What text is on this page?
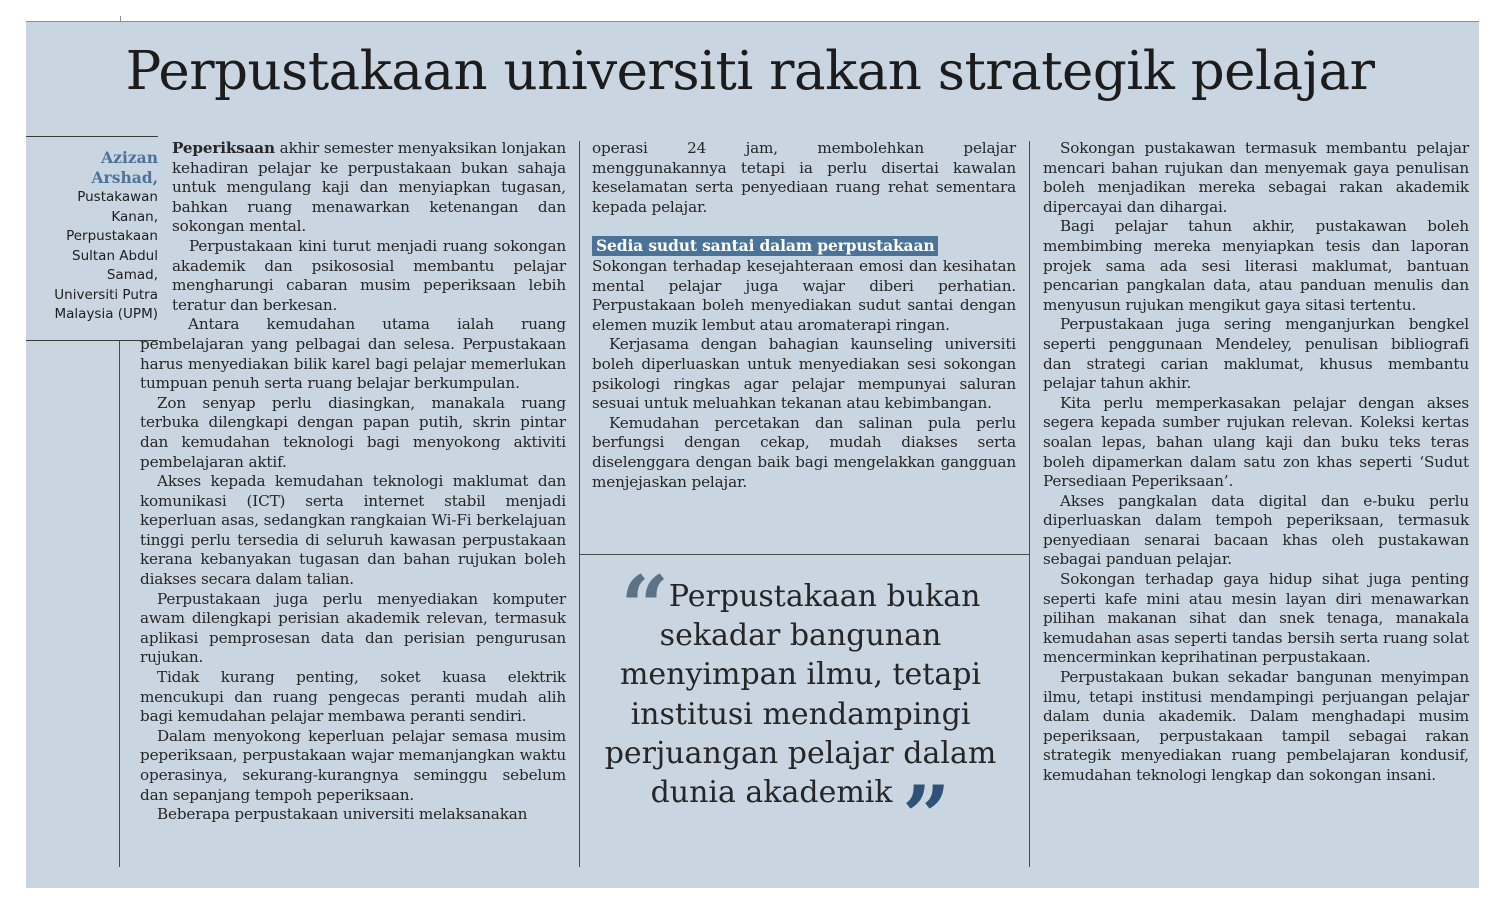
Perpustakaan universiti rakan strategik pelajar
Azizan
Arshad,
Pustakawan
Kanan,
Perpustakaan
Sultan Abdul
Samad,
Universiti Putra
Malaysia (UPM)

Peperiksaan akhir semester menyaksikan lonjakan kehadiran pelajar ke perpustakaan bukan sahaja untuk mengulang kaji dan menyiapkan tugasan, bahkan ruang menawarkan ketenangan dan sokongan mental.

Perpustakaan kini turut menjadi ruang sokongan akademik dan psikososial membantu pelajar mengharungi cabaran musim peperiksaan lebih teratur dan berkesan.

Antara kemudahan utama ialah ruang pembelajaran yang pelbagai dan selesa. Perpustakaan harus menyediakan bilik karel bagi pelajar memerlukan tumpuan penuh serta ruang belajar berkumpulan.

Zon senyap perlu diasingkan, manakala ruang terbuka dilengkapi dengan papan putih, skrin pintar dan kemudahan teknologi bagi menyokong aktiviti pembelajaran aktif.

Akses kepada kemudahan teknologi maklumat dan komunikasi (ICT) serta internet stabil menjadi keperluan asas, sedangkan rangkaian Wi-Fi berkelajuan tinggi perlu tersedia di seluruh kawasan perpustakaan kerana kebanyakan tugasan dan bahan rujukan boleh diakses secara dalam talian.

Perpustakaan juga perlu menyediakan komputer awam dilengkapi perisian akademik relevan, termasuk aplikasi pemprosesan data dan perisian pengurusan rujukan.

Tidak kurang penting, soket kuasa elektrik mencukupi dan ruang pengecas peranti mudah alih bagi kemudahan pelajar membawa peranti sendiri.

Dalam menyokong keperluan pelajar semasa musim peperiksaan, perpustakaan wajar memanjangkan waktu operasinya, sekurang-kurangnya seminggu sebelum dan sepanjang tempoh peperiksaan.

Beberapa perpustakaan universiti melaksanakan

operasi 24 jam, membolehkan pelajar menggunakannya tetapi ia perlu disertai kawalan keselamatan serta penyediaan ruang rehat sementara kepada pelajar.

Sedia sudut santai dalam perpustakaan

Sokongan terhadap kesejahteraan emosi dan kesihatan mental pelajar juga wajar diberi perhatian. Perpustakaan boleh menyediakan sudut santai dengan elemen muzik lembut atau aromaterapi ringan.

Kerjasama dengan bahagian kaunseling universiti boleh diperluaskan untuk menyediakan sesi sokongan psikologi ringkas agar pelajar mempunyai saluran sesuai untuk meluahkan tekanan atau kebimbangan.

Kemudahan percetakan dan salinan pula perlu berfungsi dengan cekap, mudah diakses serta diselenggara dengan baik bagi mengelakkan gangguan menjejaskan pelajar.

“Perpustakaan bukan sekadar bangunan menyimpan ilmu, tetapi institusi mendampingi perjuangan pelajar dalam dunia akademik ”

Sokongan pustakawan termasuk membantu pelajar mencari bahan rujukan dan menyemak gaya penulisan boleh menjadikan mereka sebagai rakan akademik dipercayai dan dihargai.

Bagi pelajar tahun akhir, pustakawan boleh membimbing mereka menyiapkan tesis dan laporan projek sama ada sesi literasi maklumat, bantuan pencarian pangkalan data, atau panduan menulis dan menyusun rujukan mengikut gaya sitasi tertentu.

Perpustakaan juga sering menganjurkan bengkel seperti penggunaan Mendeley, penulisan bibliografi dan strategi carian maklumat, khusus membantu pelajar tahun akhir.

Kita perlu memperkasakan pelajar dengan akses segera kepada sumber rujukan relevan. Koleksi kertas soalan lepas, bahan ulang kaji dan buku teks teras boleh dipamerkan dalam satu zon khas seperti ‘Sudut Persediaan Peperiksaan’.

Akses pangkalan data digital dan e-buku perlu diperluaskan dalam tempoh peperiksaan, termasuk penyediaan senarai bacaan khas oleh pustakawan sebagai panduan pelajar.

Sokongan terhadap gaya hidup sihat juga penting seperti kafe mini atau mesin layan diri menawarkan pilihan makanan sihat dan snek tenaga, manakala kemudahan asas seperti tandas bersih serta ruang solat mencerminkan keprihatinan perpustakaan.

Perpustakaan bukan sekadar bangunan menyimpan ilmu, tetapi institusi mendampingi perjuangan pelajar dalam dunia akademik. Dalam menghadapi musim peperiksaan, perpustakaan tampil sebagai rakan strategik menyediakan ruang pembelajaran kondusif, kemudahan teknologi lengkap dan sokongan insani.
